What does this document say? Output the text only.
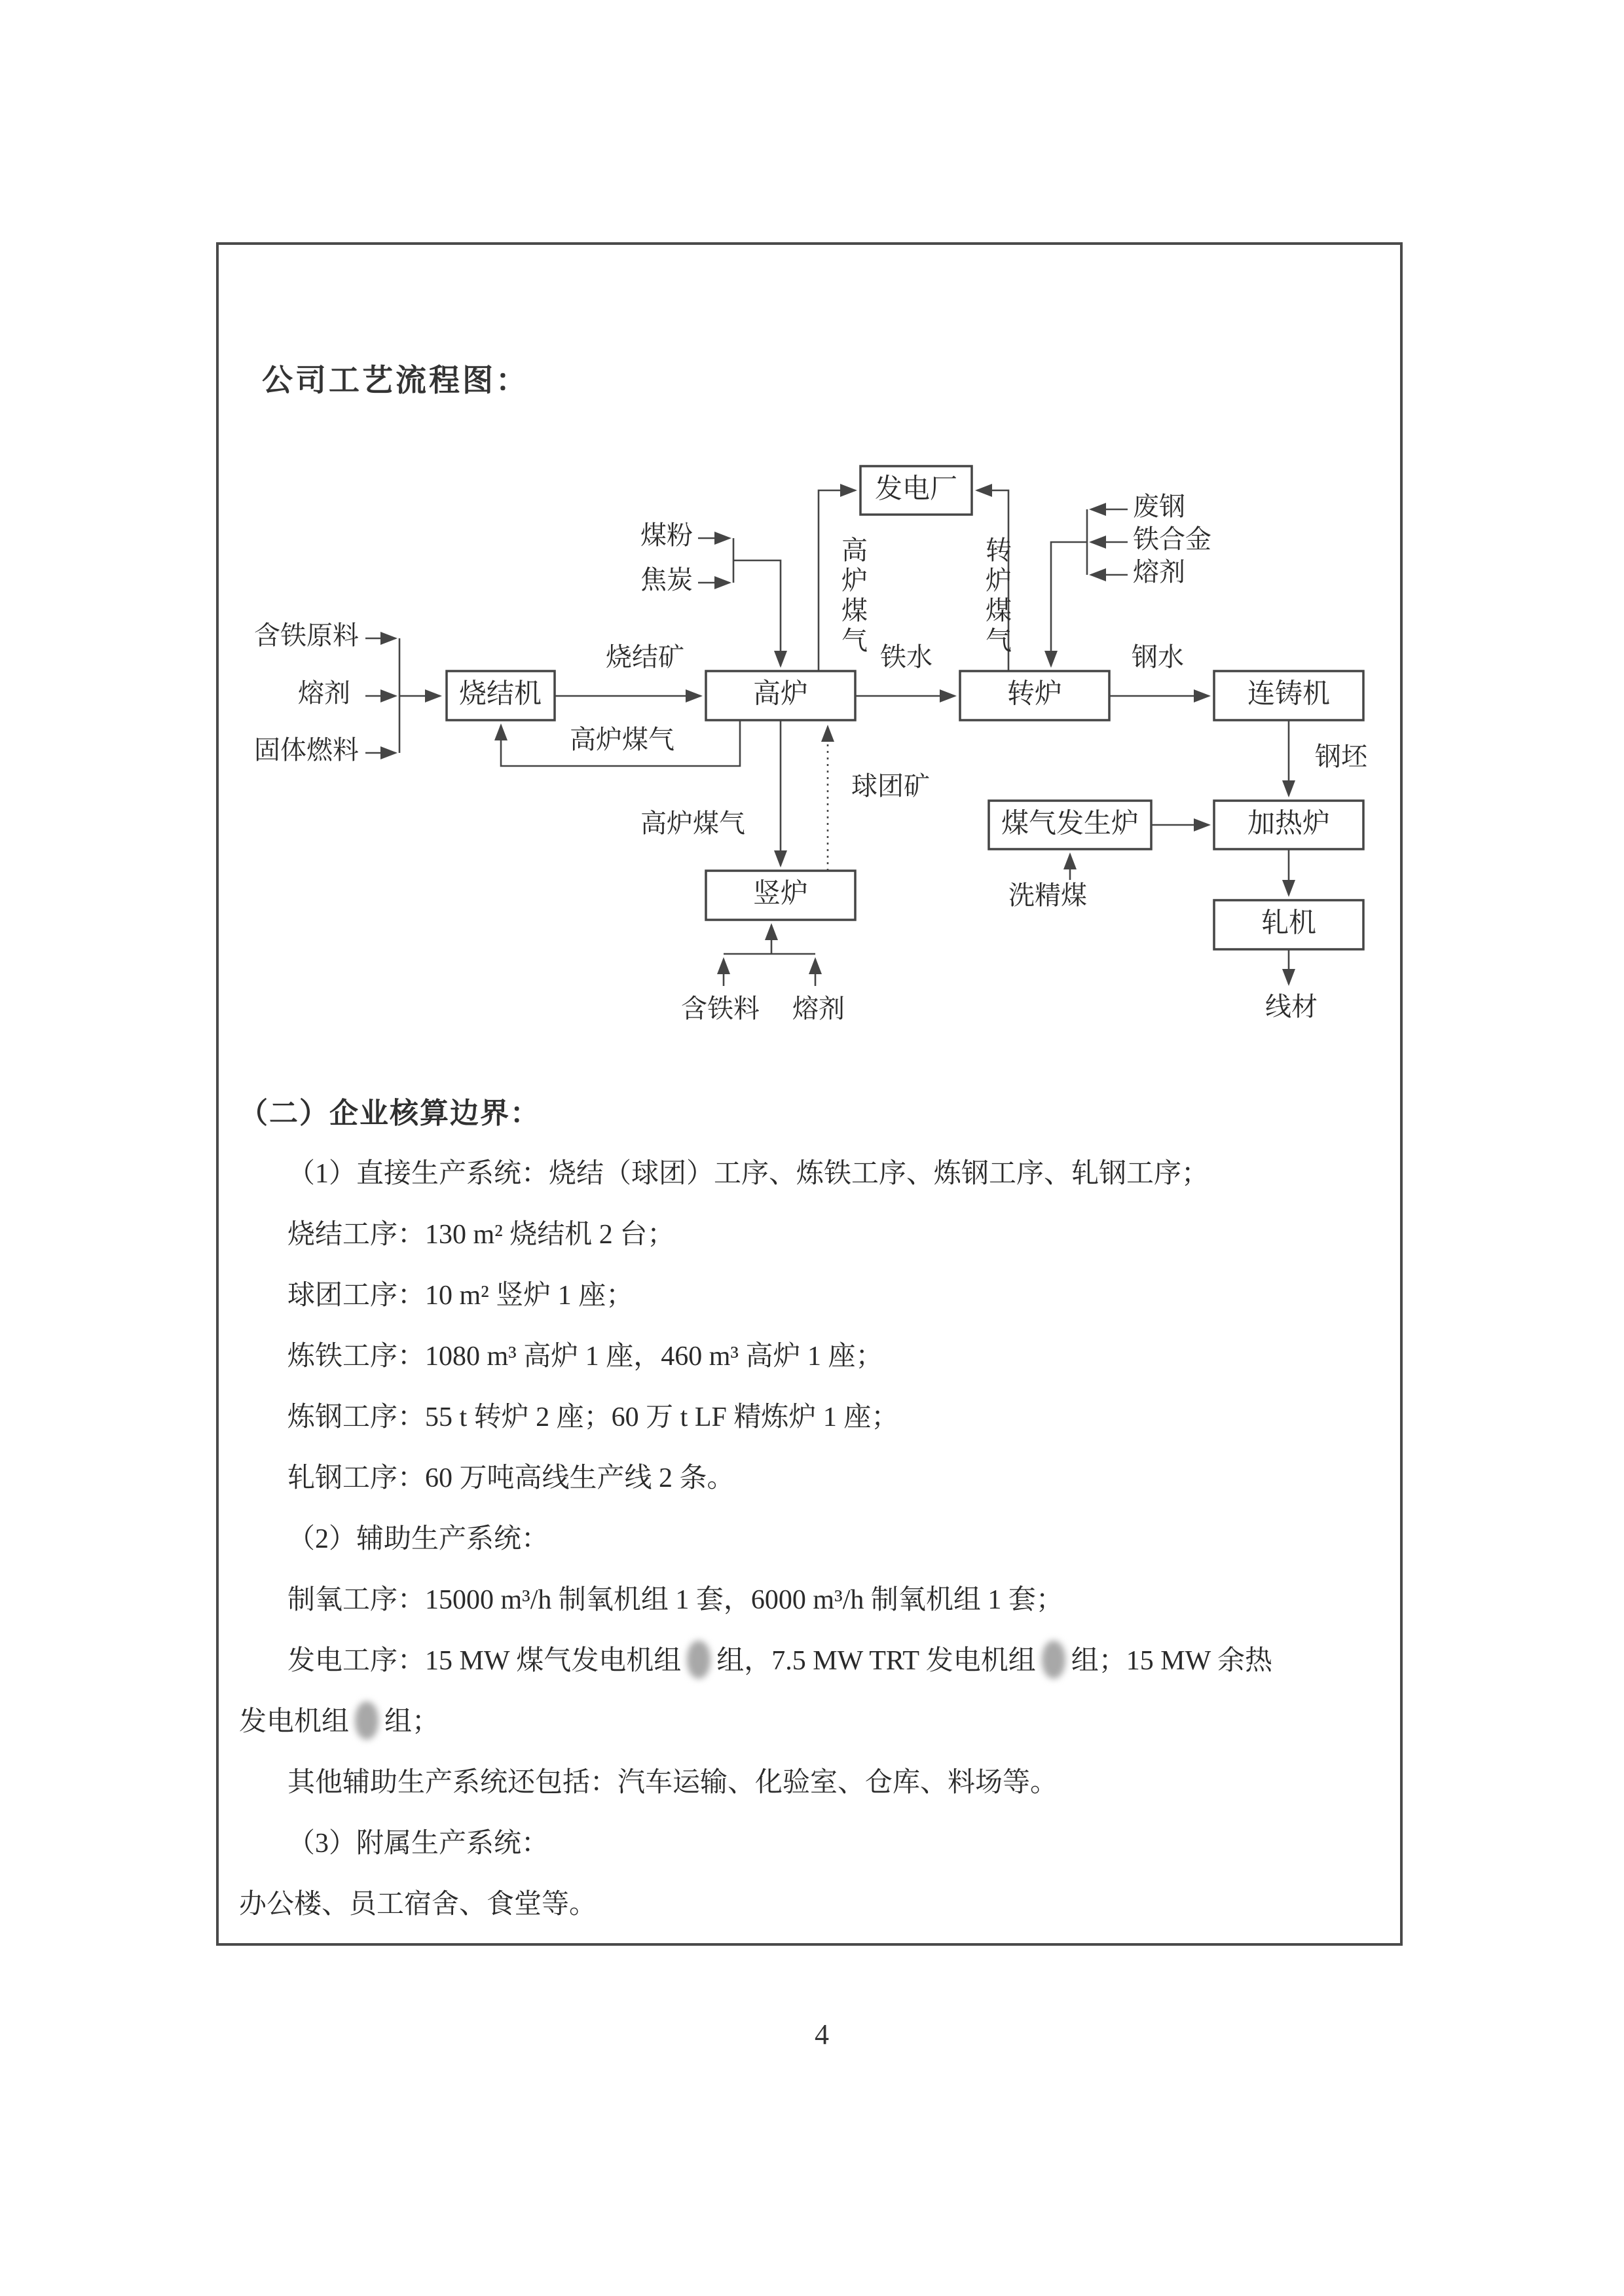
公司工艺流程图：
含铁原料
熔剂
固体燃料
烧结矿
高炉煤气
煤粉
焦炭
高炉煤气
转炉煤气
废钢
铁合金
熔剂
铁水	钢水
钢坯
洗精煤
线材
高炉煤气
球团矿
含铁料 熔剂
发电厂
烧结机	高炉	转炉	连铸机
竖炉
煤气发生炉	加热炉
轧机
（二）企业核算边界：
（1）直接生产系统：烧结（球团）工序、炼铁工序、炼钢工序、轧钢工序；
烧结工序：130 m² 烧结机 2 台；
球团工序：10 m² 竖炉 1 座；
炼铁工序：1080 m³ 高炉 1 座，460 m³ 高炉 1 座；
炼钢工序：55 t 转炉 2 座；60 万 t LF 精炼炉 1 座；
轧钢工序：60 万吨高线生产线 2 条。
（2）辅助生产系统：
制氧工序：15000 m³/h 制氧机组 1 套，6000 m³/h 制氧机组 1 套；
发电工序：15 MW 煤气发电机组 组，7.5 MW TRT 发电机组 组；15 MW 余热
发电机组 组；
其他辅助生产系统还包括：汽车运输、化验室、仓库、料场等。
（3）附属生产系统：
办公楼、员工宿舍、食堂等。
4
